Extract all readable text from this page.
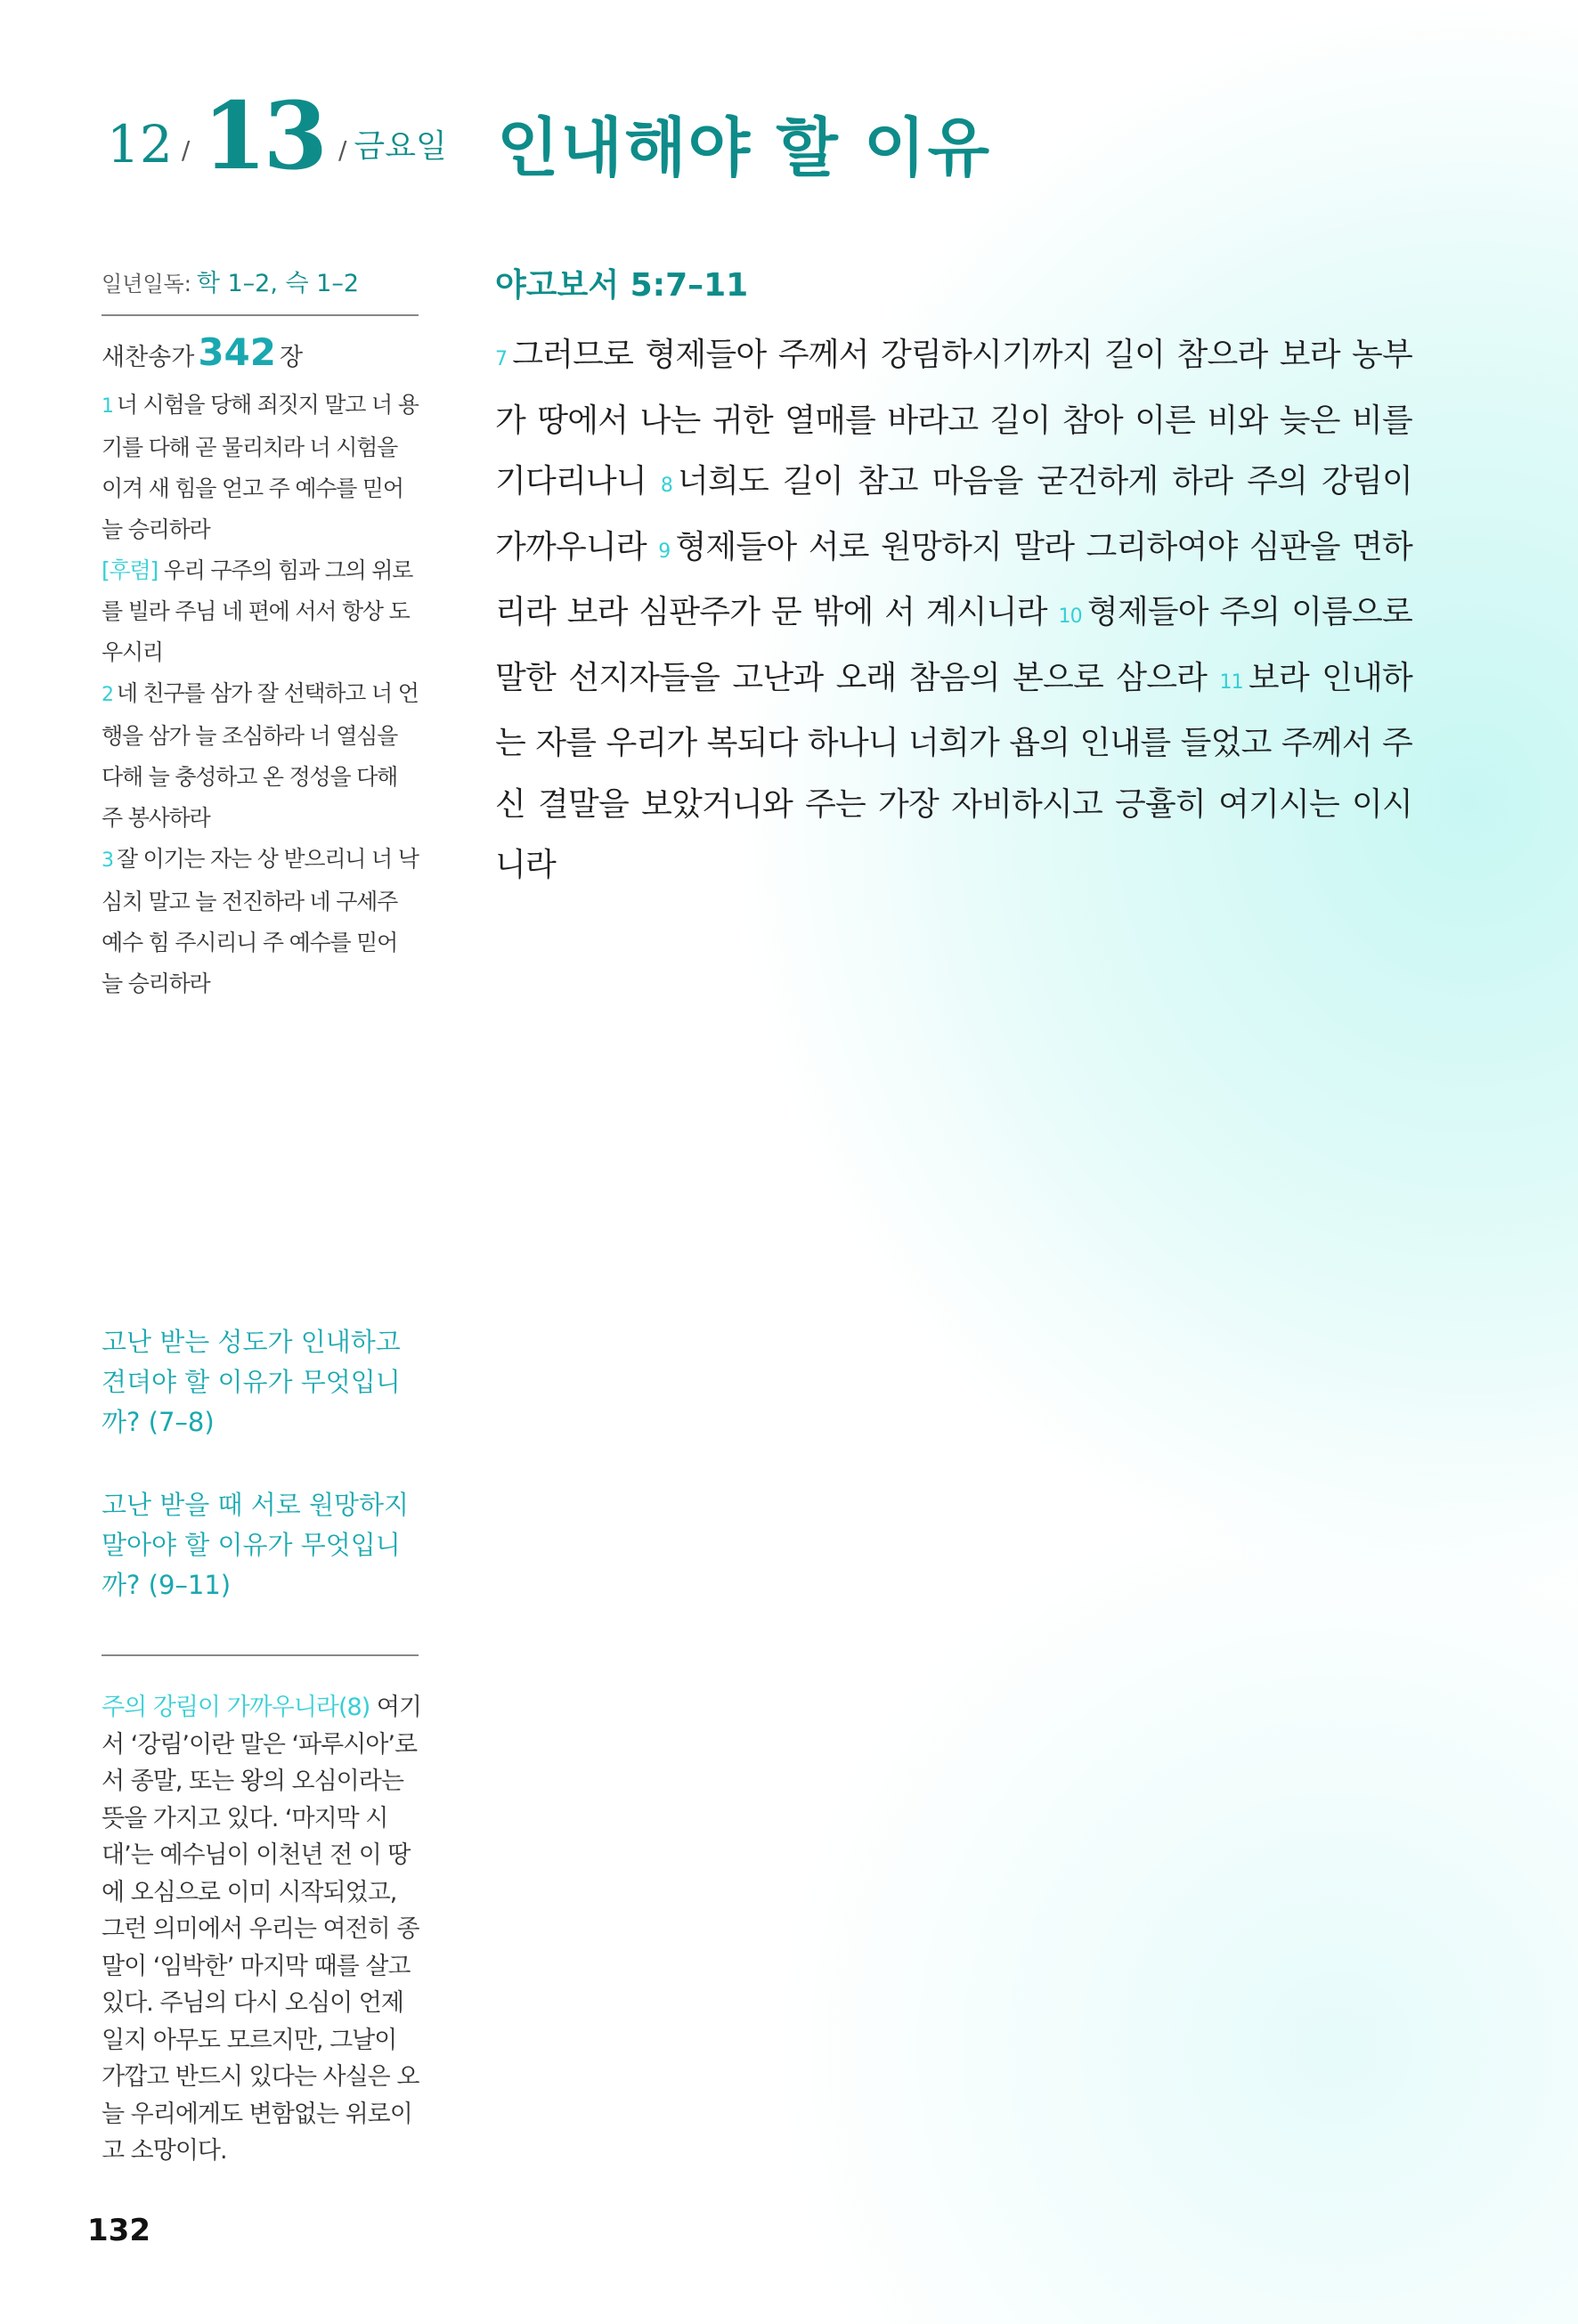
12 / 13 / 금요일 인내해야 할 이유
일년일독: 학 1–2, 슥 1–2
새찬송가 342 장

1 너 시험을 당해 죄짓지 말고 너 용기를 다해 곧 물리치라 너 시험을 이겨 새 힘을 얻고 주 예수를 믿어 늘 승리하라

[후렴] 우리 구주의 힘과 그의 위로를 빌라 주님 네 편에 서서 항상 도우시리

2 네 친구를 삼가 잘 선택하고 너 언행을 삼가 늘 조심하라 너 열심을 다해 늘 충성하고 온 정성을 다해 주 봉사하라

3 잘 이기는 자는 상 받으리니 너 낙심치 말고 늘 전진하라 네 구세주 예수 힘 주시리니 주 예수를 믿어 늘 승리하라

고난 받는 성도가 인내하고 견뎌야 할 이유가 무엇입니까? (7–8)

고난 받을 때 서로 원망하지 말아야 할 이유가 무엇입니까? (9–11)

주의 강림이 가까우니라(8) 여기서 ‘강림’이란 말은 ‘파루시아’로서 종말, 또는 왕의 오심이라는 뜻을 가지고 있다. ‘마지막 시대’는 예수님이 이천년 전 이 땅에 오심으로 이미 시작되었고, 그런 의미에서 우리는 여전히 종말이 ‘임박한’ 마지막 때를 살고 있다. 주님의 다시 오심이 언제일지 아무도 모르지만, 그날이 가깝고 반드시 있다는 사실은 오늘 우리에게도 변함없는 위로이고 소망이다.
132
야고보서 5:7–11
7 그러므로 형제들아 주께서 강림하시기까지 길이 참으라 보라 농부가 땅에서 나는 귀한 열매를 바라고 길이 참아 이른 비와 늦은 비를 기다리나니 8 너희도 길이 참고 마음을 굳건하게 하라 주의 강림이 가까우니라 9 형제들아 서로 원망하지 말라 그리하여야 심판을 면하리라 보라 심판주가 문 밖에 서 계시니라 10 형제들아 주의 이름으로 말한 선지자들을 고난과 오래 참음의 본으로 삼으라 11 보라 인내하는 자를 우리가 복되다 하나니 너희가 욥의 인내를 들었고 주께서 주신 결말을 보았거니와 주는 가장 자비하시고 긍휼히 여기시는 이시니라
